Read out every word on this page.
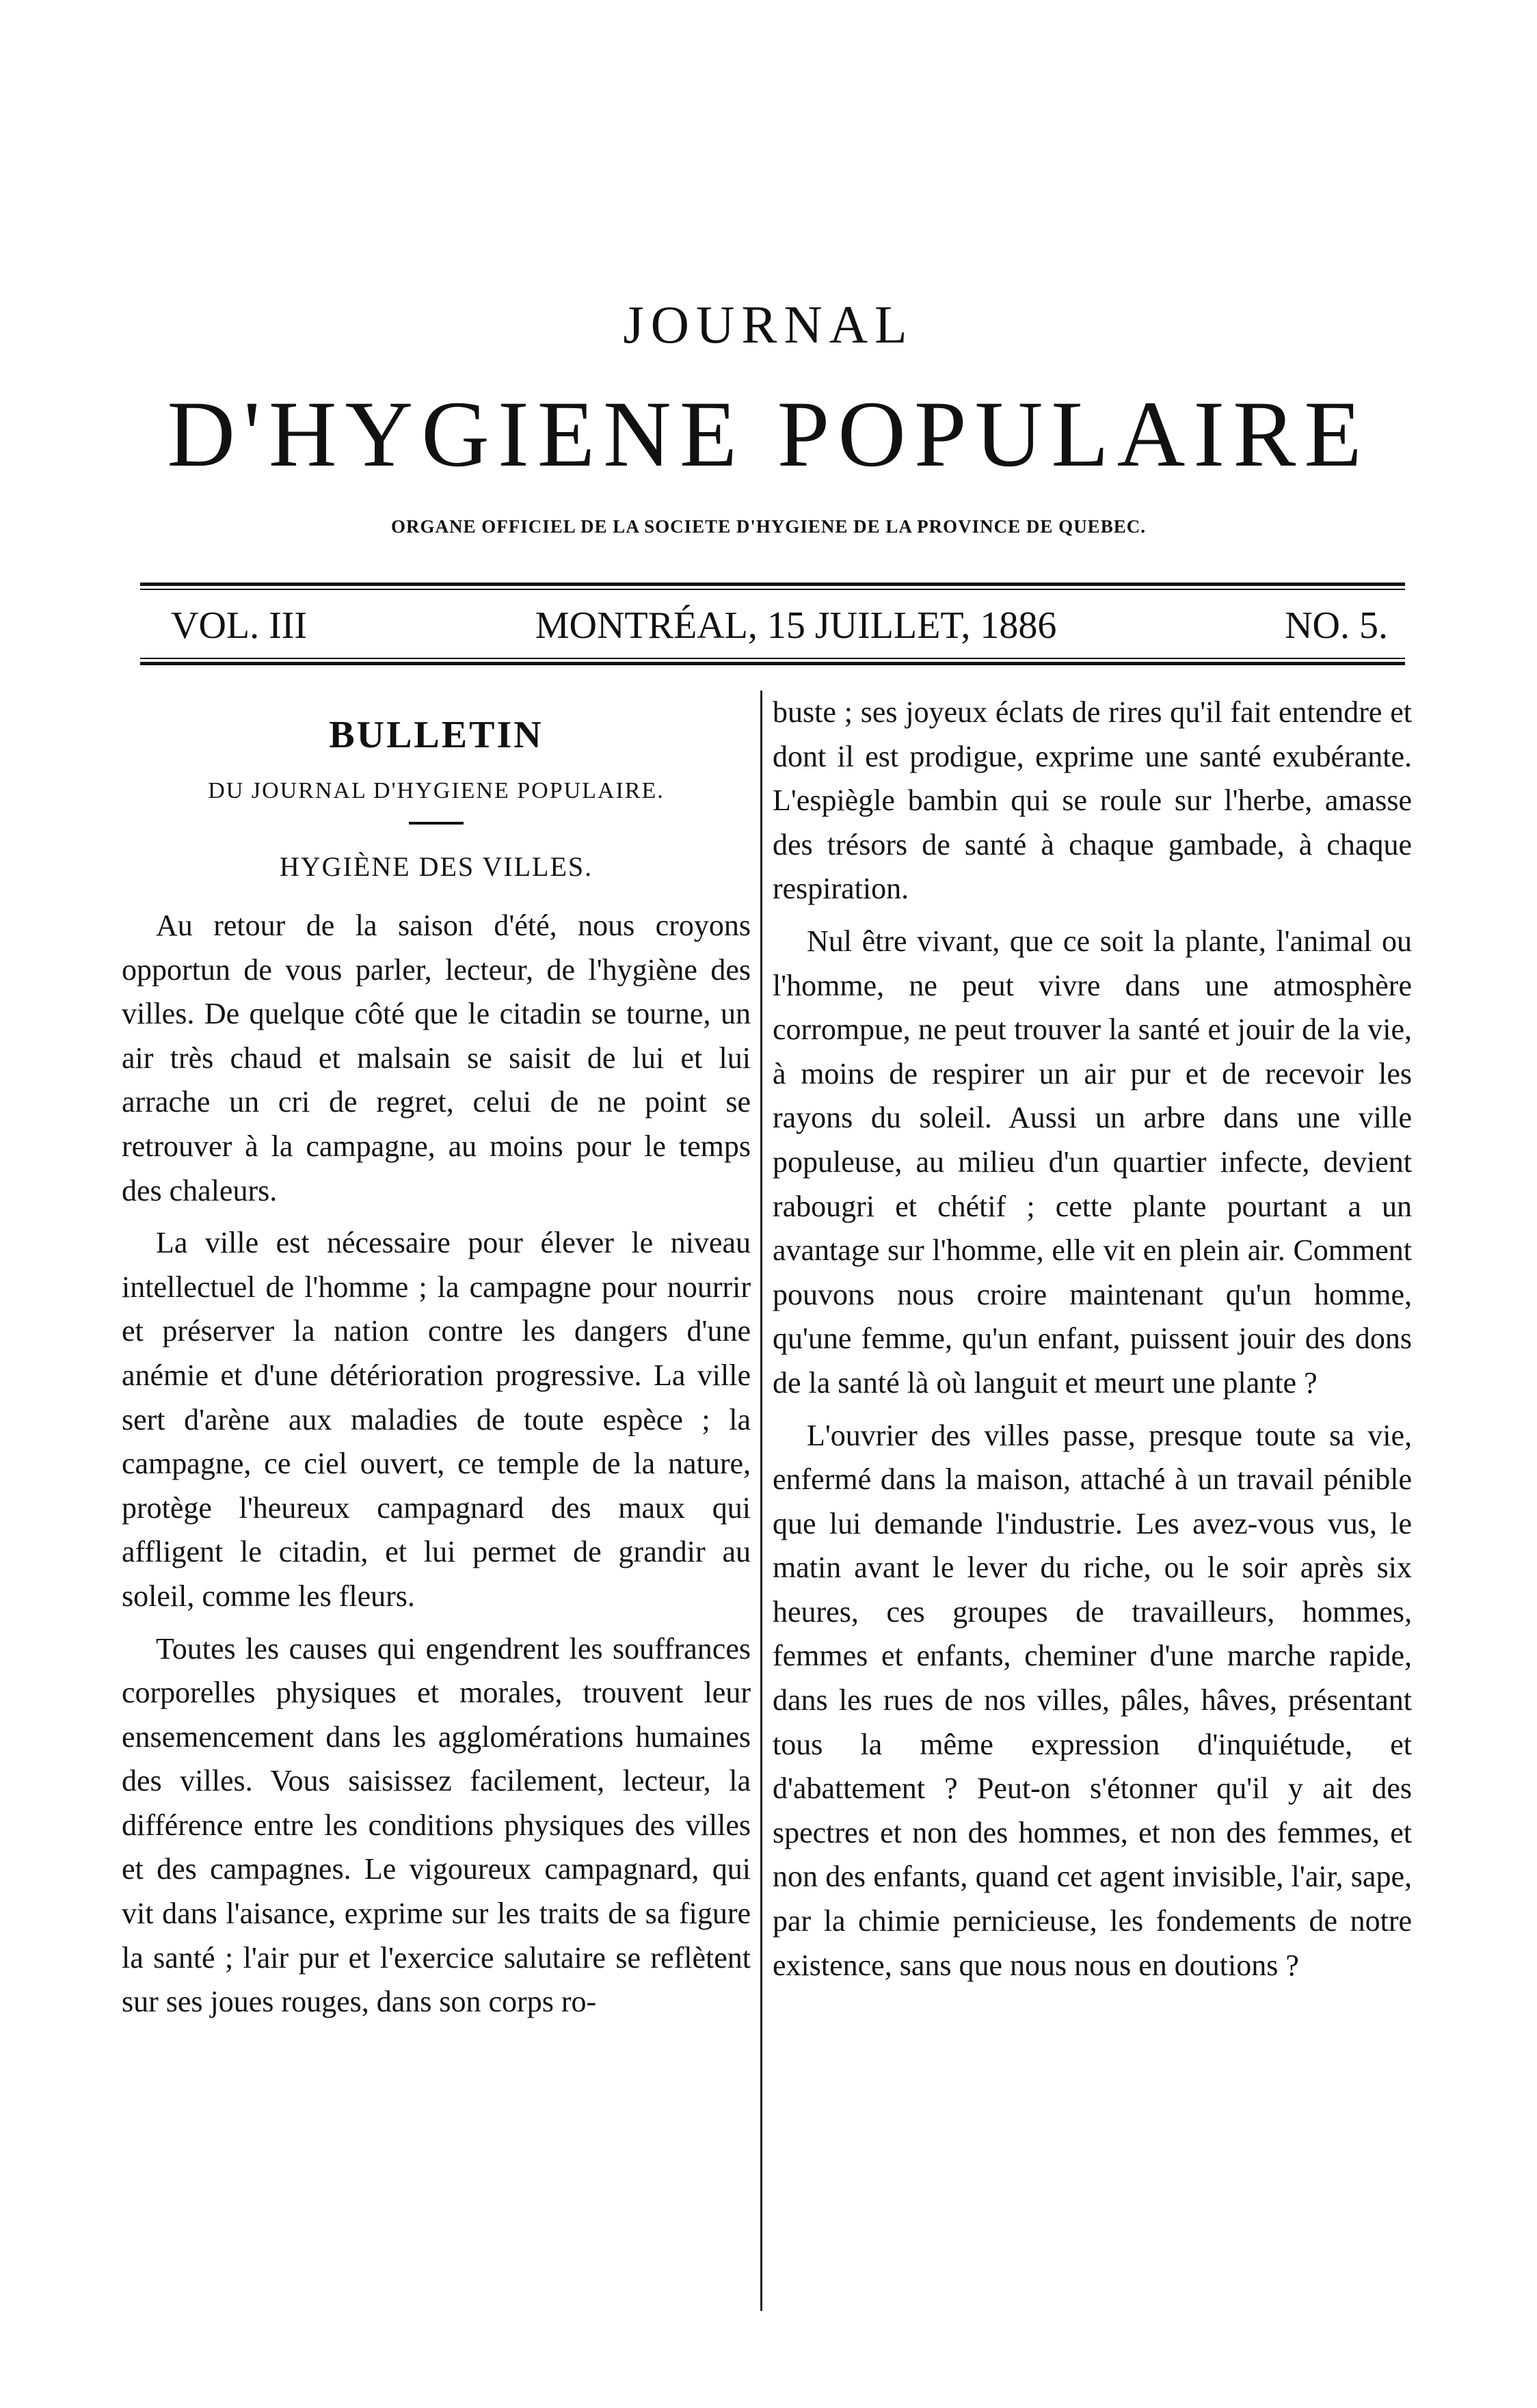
JOURNAL
D'HYGIENE POPULAIRE
ORGANE OFFICIEL DE LA SOCIETE D'HYGIENE DE LA PROVINCE DE QUEBEC.
VOL. III	MONTRÉAL, 15 JUILLET, 1886	NO. 5.
BULLETIN
DU JOURNAL D'HYGIENE POPULAIRE.
HYGIÈNE DES VILLES.

Au retour de la saison d'été, nous croyons opportun de vous parler, lecteur, de l'hygiène des villes. De quelque côté que le citadin se tourne, un air très chaud et malsain se saisit de lui et lui arrache un cri de regret, celui de ne point se retrouver à la campagne, au moins pour le temps des chaleurs.

La ville est nécessaire pour élever le niveau intellectuel de l'homme ; la campagne pour nourrir et préserver la nation contre les dangers d'une anémie et d'une détérioration progressive. La ville sert d'arène aux maladies de toute espèce ; la campagne, ce ciel ouvert, ce temple de la nature, protège l'heureux campagnard des maux qui affligent le citadin, et lui permet de grandir au soleil, comme les fleurs.

Toutes les causes qui engendrent les souffrances corporelles physiques et morales, trouvent leur ensemencement dans les agglomérations humaines des villes. Vous saisissez facilement, lecteur, la différence entre les conditions physiques des villes et des campagnes. Le vigoureux campagnard, qui vit dans l'aisance, exprime sur les traits de sa figure la santé ; l'air pur et l'exercice salutaire se reflètent sur ses joues rouges, dans son corps ro-

buste ; ses joyeux éclats de rires qu'il fait entendre et dont il est prodigue, exprime une santé exubérante. L'espiègle bambin qui se roule sur l'herbe, amasse des trésors de santé à chaque gambade, à chaque respiration.

Nul être vivant, que ce soit la plante, l'animal ou l'homme, ne peut vivre dans une atmosphère corrompue, ne peut trouver la santé et jouir de la vie, à moins de respirer un air pur et de recevoir les rayons du soleil. Aussi un arbre dans une ville populeuse, au milieu d'un quartier infecte, devient rabougri et chétif ; cette plante pourtant a un avantage sur l'homme, elle vit en plein air. Comment pouvons nous croire maintenant qu'un homme, qu'une femme, qu'un enfant, puissent jouir des dons de la santé là où languit et meurt une plante ?

L'ouvrier des villes passe, presque toute sa vie, enfermé dans la maison, attaché à un travail pénible que lui demande l'industrie. Les avez-vous vus, le matin avant le lever du riche, ou le soir après six heures, ces groupes de travailleurs, hommes, femmes et enfants, cheminer d'une marche rapide, dans les rues de nos villes, pâles, hâves, présentant tous la même expression d'inquiétude, et d'abattement ? Peut-on s'étonner qu'il y ait des spectres et non des hommes, et non des femmes, et non des enfants, quand cet agent invisible, l'air, sape, par la chimie pernicieuse, les fondements de notre existence, sans que nous nous en doutions ?
